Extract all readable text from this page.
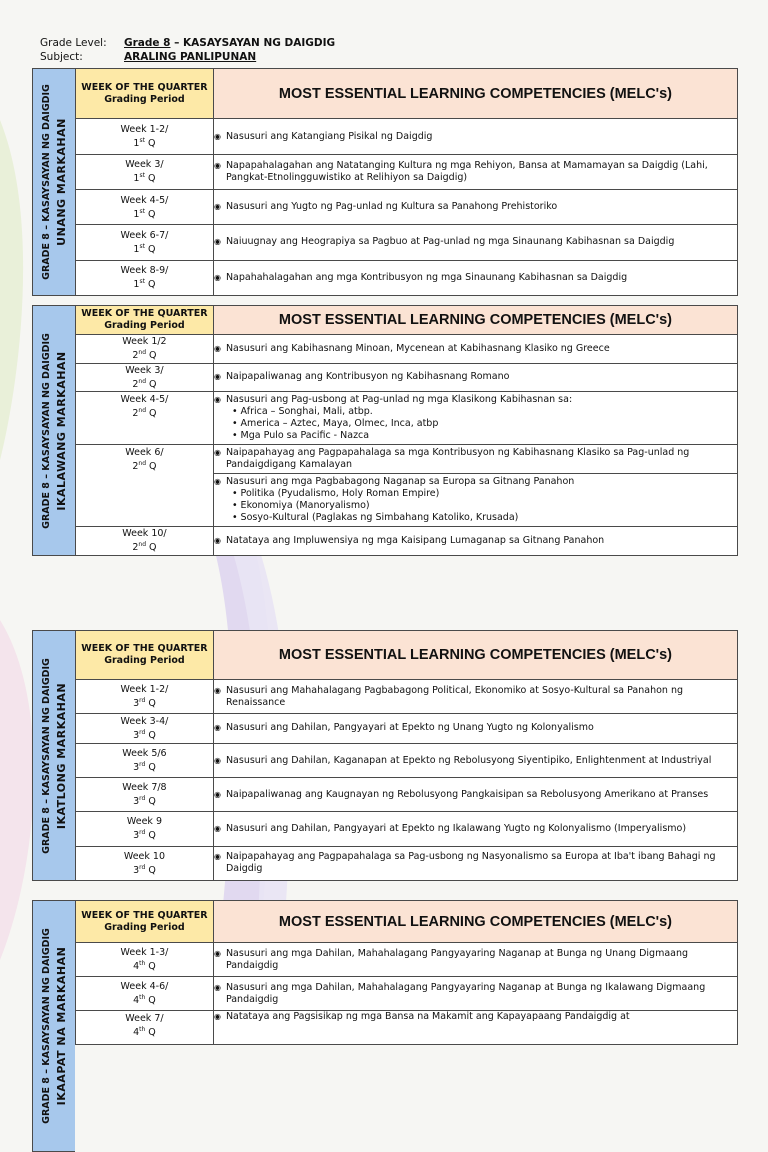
Grade Level:	Grade 8 – KASAYSAYAN NG DAIGDIG
Subject:	ARALING PANLIPUNAN
GRADE 8 – KASAYSAYAN NG DAIGDIG UNANG MARKAHAN
WEEK OF THE QUARTER
Grading Period	MOST ESSENTIAL LEARNING COMPETENCIES (MELC's)
Week 1-2/
1st Q	◉ Nasusuri ang Katangiang Pisikal ng Daigdig

Week 3/
1st Q	◉ Napapahalagahan ang Natatanging Kultura ng mga Rehiyon, Bansa at Mamamayan sa Daigdig (Lahi, Pangkat-Etnolingguwistiko at Relihiyon sa Daigdig)

Week 4-5/
1st Q	◉ Nasusuri ang Yugto ng Pag-unlad ng Kultura sa Panahong Prehistoriko

Week 6-7/
1st Q	◉ Naiuugnay ang Heograpiya sa Pagbuo at Pag-unlad ng mga Sinaunang Kabihasnan sa Daigdig

Week 8-9/
1st Q	◉ Napahahalagahan ang mga Kontribusyon ng mga Sinaunang Kabihasnan sa Daigdig
GRADE 8 – KASAYSAYAN NG DAIGDIG IKALAWANG MARKAHAN
WEEK OF THE QUARTER
Grading Period	MOST ESSENTIAL LEARNING COMPETENCIES (MELC's)
Week 1/2
2nd Q	◉ Nasusuri ang Kabihasnang Minoan, Mycenean at Kabihasnang Klasiko ng Greece

Week 3/
2nd Q	◉ Naipapaliwanag ang Kontribusyon ng Kabihasnang Romano

Week 4-5/
2nd Q	◉ Nasusuri ang Pag-usbong at Pag-unlad ng mga Klasikong Kabihasnan sa:
• Africa – Songhai, Mali, atbp.
• America – Aztec, Maya, Olmec, Inca, atbp
• Mga Pulo sa Pacific - Nazca

Week 6/
2nd Q	◉ Naipapahayag ang Pagpapahalaga sa mga Kontribusyon ng Kabihasnang Klasiko sa Pag-unlad ng Pandaigdigang Kamalayan

	◉ Nasusuri ang mga Pagbabagong Naganap sa Europa sa Gitnang Panahon
• Politika (Pyudalismo, Holy Roman Empire)
• Ekonomiya (Manoryalismo)
• Sosyo-Kultural (Paglakas ng Simbahang Katoliko, Krusada)

Week 10/
2nd Q	◉ Natataya ang Impluwensiya ng mga Kaisipang Lumaganap sa Gitnang Panahon
GRADE 8 – KASAYSAYAN NG DAIGDIG IKATLONG MARKAHAN
WEEK OF THE QUARTER
Grading Period	MOST ESSENTIAL LEARNING COMPETENCIES (MELC's)
Week 1-2/
3rd Q	◉ Nasusuri ang Mahahalagang Pagbabagong Political, Ekonomiko at Sosyo-Kultural sa Panahon ng Renaissance

Week 3-4/
3rd Q	◉ Nasusuri ang Dahilan, Pangyayari at Epekto ng Unang Yugto ng Kolonyalismo

Week 5/6
3rd Q	◉ Nasusuri ang Dahilan, Kaganapan at Epekto ng Rebolusyong Siyentipiko, Enlightenment at Industriyal

Week 7/8
3rd Q	◉ Naipapaliwanag ang Kaugnayan ng Rebolusyong Pangkaisipan sa Rebolusyong Amerikano at Pranses

Week 9
3rd Q	◉ Nasusuri ang Dahilan, Pangyayari at Epekto ng Ikalawang Yugto ng Kolonyalismo (Imperyalismo)

Week 10
3rd Q	◉ Naipapahayag ang Pagpapahalaga sa Pag-usbong ng Nasyonalismo sa Europa at Iba't ibang Bahagi ng Daigdig
GRADE 8 – KASAYSAYAN NG DAIGDIG IKAAPAT NA MARKAHAN
WEEK OF THE QUARTER
Grading Period	MOST ESSENTIAL LEARNING COMPETENCIES (MELC's)
Week 1-3/
4th Q	◉ Nasusuri ang mga Dahilan, Mahahalagang Pangyayaring Naganap at Bunga ng Unang Digmaang Pandaigdig

Week 4-6/
4th Q	◉ Nasusuri ang mga Dahilan, Mahahalagang Pangyayaring Naganap at Bunga ng Ikalawang Digmaang Pandaigdig

Week 7/
4th Q	◉ Natataya ang Pagsisikap ng mga Bansa na Makamit ang Kapayapaang Pandaigdig at
